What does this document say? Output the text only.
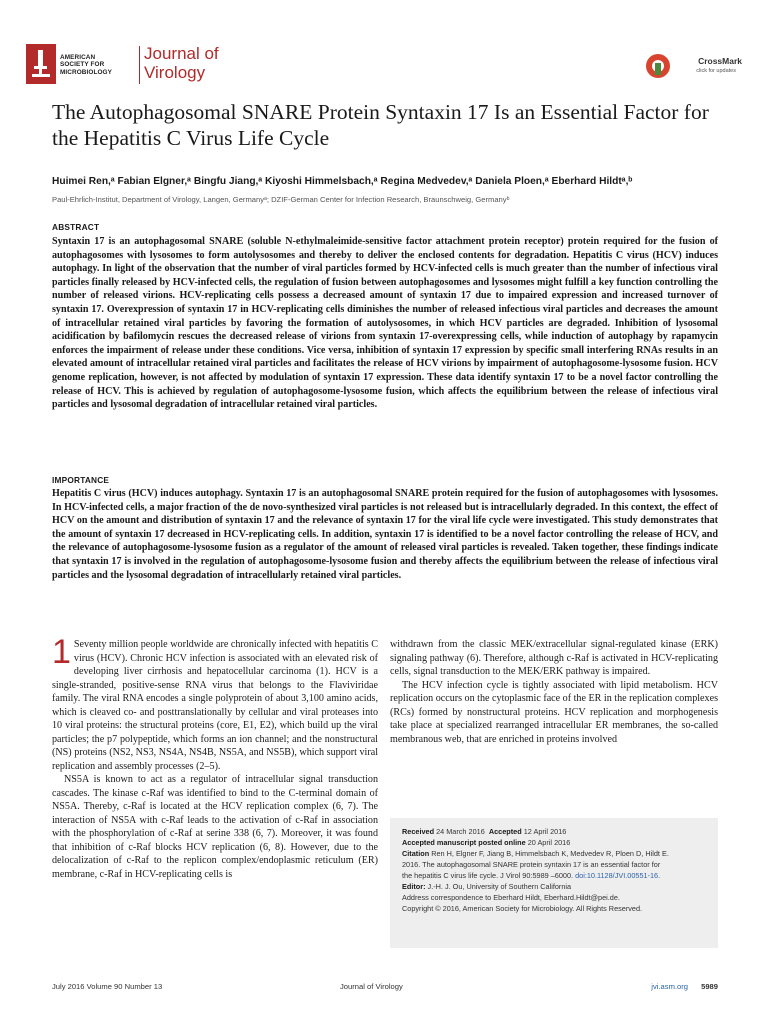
AMERICAN
SOCIETY FOR
MICROBIOLOGY
Journal of
Virology
CrossMark
click for updates
The Autophagosomal SNARE Protein Syntaxin 17 Is an Essential Factor for the Hepatitis C Virus Life Cycle
Huimei Ren,ᵃ Fabian Elgner,ᵃ Bingfu Jiang,ᵃ Kiyoshi Himmelsbach,ᵃ Regina Medvedev,ᵃ Daniela Ploen,ᵃ Eberhard Hildtᵃ,ᵇ
Paul-Ehrlich-Institut, Department of Virology, Langen, Germanyᵃ; DZIF-German Center for Infection Research, Braunschweig, Germanyᵇ
ABSTRACT
Syntaxin 17 is an autophagosomal SNARE (soluble N-ethylmaleimide-sensitive factor attachment protein receptor) protein required for the fusion of autophagosomes with lysosomes to form autolysosomes and thereby to deliver the enclosed contents for degradation. Hepatitis C virus (HCV) induces autophagy. In light of the observation that the number of viral particles formed by HCV-infected cells is much greater than the number of infectious viral particles finally released by HCV-infected cells, the regulation of fusion between autophagosomes and lysosomes might fulfill a key function controlling the number of released virions. HCV-replicating cells possess a decreased amount of syntaxin 17 due to impaired expression and increased turnover of syntaxin 17. Overexpression of syntaxin 17 in HCV-replicating cells diminishes the number of released infectious viral particles and decreases the amount of intracellular retained viral particles by favoring the formation of autolysosomes, in which HCV particles are degraded. Inhibition of lysosomal acidification by bafilomycin rescues the decreased release of virions from syntaxin 17-overexpressing cells, while induction of autophagy by rapamycin enforces the impairment of release under these conditions. Vice versa, inhibition of syntaxin 17 expression by specific small interfering RNAs results in an elevated amount of intracellular retained viral particles and facilitates the release of HCV virions by impairment of autophagosome-lysosome fusion. HCV genome replication, however, is not affected by modulation of syntaxin 17 expression. These data identify syntaxin 17 to be a novel factor controlling the release of HCV. This is achieved by regulation of autophagosome-lysosome fusion, which affects the equilibrium between the release of infectious viral particles and lysosomal degradation of intracellular retained viral particles.
IMPORTANCE
Hepatitis C virus (HCV) induces autophagy. Syntaxin 17 is an autophagosomal SNARE protein required for the fusion of autophagosomes with lysosomes. In HCV-infected cells, a major fraction of the de novo-synthesized viral particles is not released but is intracellularly degraded. In this context, the effect of HCV on the amount and distribution of syntaxin 17 and the relevance of syntaxin 17 for the viral life cycle were investigated. This study demonstrates that the amount of syntaxin 17 decreased in HCV-replicating cells. In addition, syntaxin 17 is identified to be a novel factor controlling the release of HCV, and the relevance of autophagosome-lysosome fusion as a regulator of the amount of released viral particles is revealed. Taken together, these findings indicate that syntaxin 17 is involved in the regulation of autophagosome-lysosome fusion and thereby affects the equilibrium between the release of infectious viral particles and the lysosomal degradation of intracellularly retained viral particles.

1 Seventy million people worldwide are chronically infected with hepatitis C virus (HCV). Chronic HCV infection is associated with an elevated risk of developing liver cirrhosis and hepatocellular carcinoma (1). HCV is a single-stranded, positive-sense RNA virus that belongs to the Flaviviridae family. The viral RNA encodes a single polyprotein of about 3,100 amino acids, which is cleaved co- and posttranslationally by cellular and viral proteases into 10 viral proteins: the structural proteins (core, E1, E2), which build up the viral particles; the p7 polypeptide, which forms an ion channel; and the nonstructural (NS) proteins (NS2, NS3, NS4A, NS4B, NS5A, and NS5B), which support viral replication and assembly processes (2–5).

NS5A is known to act as a regulator of intracellular signal transduction cascades. The kinase c-Raf was identified to bind to the C-terminal domain of NS5A. Thereby, c-Raf is located at the HCV replication complex (6, 7). The interaction of NS5A with c-Raf leads to the activation of c-Raf in association with the phosphorylation of c-Raf at serine 338 (6, 7). Moreover, it was found that inhibition of c-Raf blocks HCV replication (6, 8). However, due to the delocalization of c-Raf to the replicon complex/endoplasmic reticulum (ER) membrane, c-Raf in HCV-replicating cells is

withdrawn from the classic MEK/extracellular signal-regulated kinase (ERK) signaling pathway (6). Therefore, although c-Raf is activated in HCV-replicating cells, signal transduction to the MEK/ERK pathway is impaired.

The HCV infection cycle is tightly associated with lipid metabolism. HCV replication occurs on the cytoplasmic face of the ER in the replication complexes (RCs) formed by nonstructural proteins. HCV replication and morphogenesis take place at specialized rearranged intracellular ER membranes, the so-called membranous web, that are enriched in proteins involved

Received 24 March 2016 Accepted 12 April 2016
Accepted manuscript posted online 20 April 2016
Citation Ren H, Elgner F, Jiang B, Himmelsbach K, Medvedev R, Ploen D, Hildt E.
2016. The autophagosomal SNARE protein syntaxin 17 is an essential factor for
the hepatitis C virus life cycle. J Virol 90:5989 –6000. doi:10.1128/JVI.00551-16.
Editor: J.-H. J. Ou, University of Southern California
Address correspondence to Eberhard Hildt, Eberhard.Hildt@pei.de.
Copyright © 2016, American Society for Microbiology. All Rights Reserved.
July 2016 Volume 90 Number 13	Journal of Virology	jvi.asm.org 5989
